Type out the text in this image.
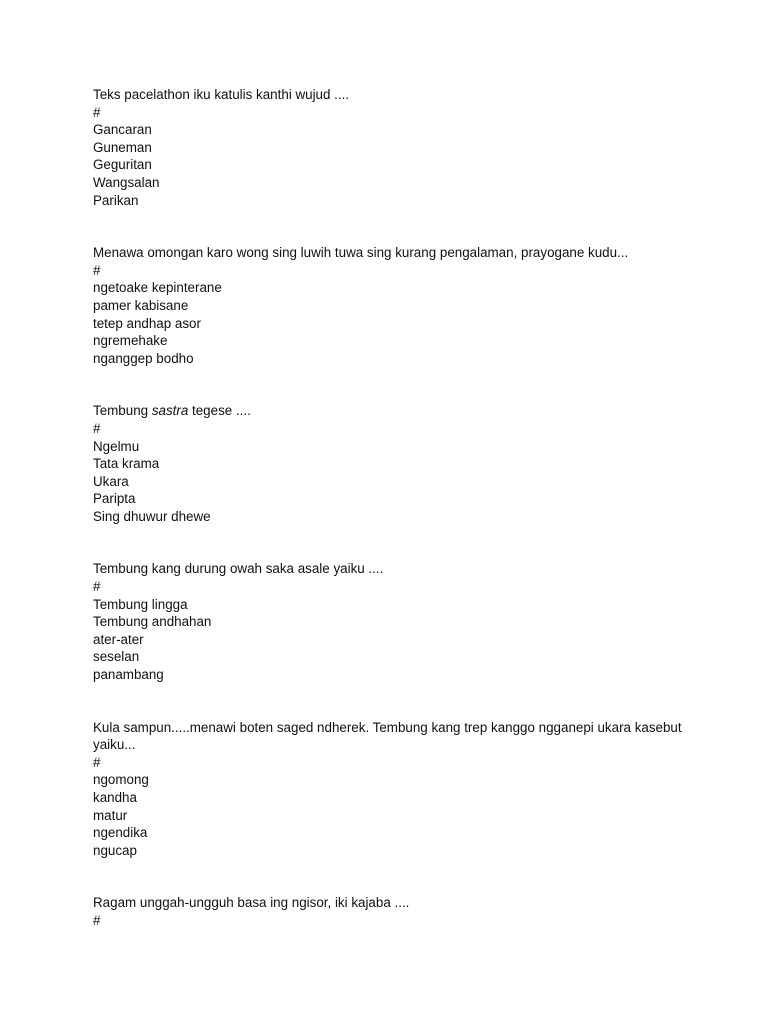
Teks pacelathon iku katulis kanthi wujud ....
#
Gancaran
Guneman
Geguritan
Wangsalan
Parikan
Menawa omongan karo wong sing luwih tuwa sing kurang pengalaman, prayogane kudu...
#
ngetoake kepinterane
pamer kabisane
tetep andhap asor
ngremehake
nganggep bodho
Tembung sastra tegese ....
#
Ngelmu
Tata krama
Ukara
Paripta
Sing dhuwur dhewe
Tembung kang durung owah saka asale yaiku ....
#
Tembung lingga
Tembung andhahan
ater-ater
seselan
panambang
Kula sampun.....menawi boten saged ndherek. Tembung kang trep kanggo ngganepi ukara kasebut yaiku...
#
ngomong
kandha
matur
ngendika
ngucap
Ragam unggah-ungguh basa ing ngisor, iki kajaba ....
#
